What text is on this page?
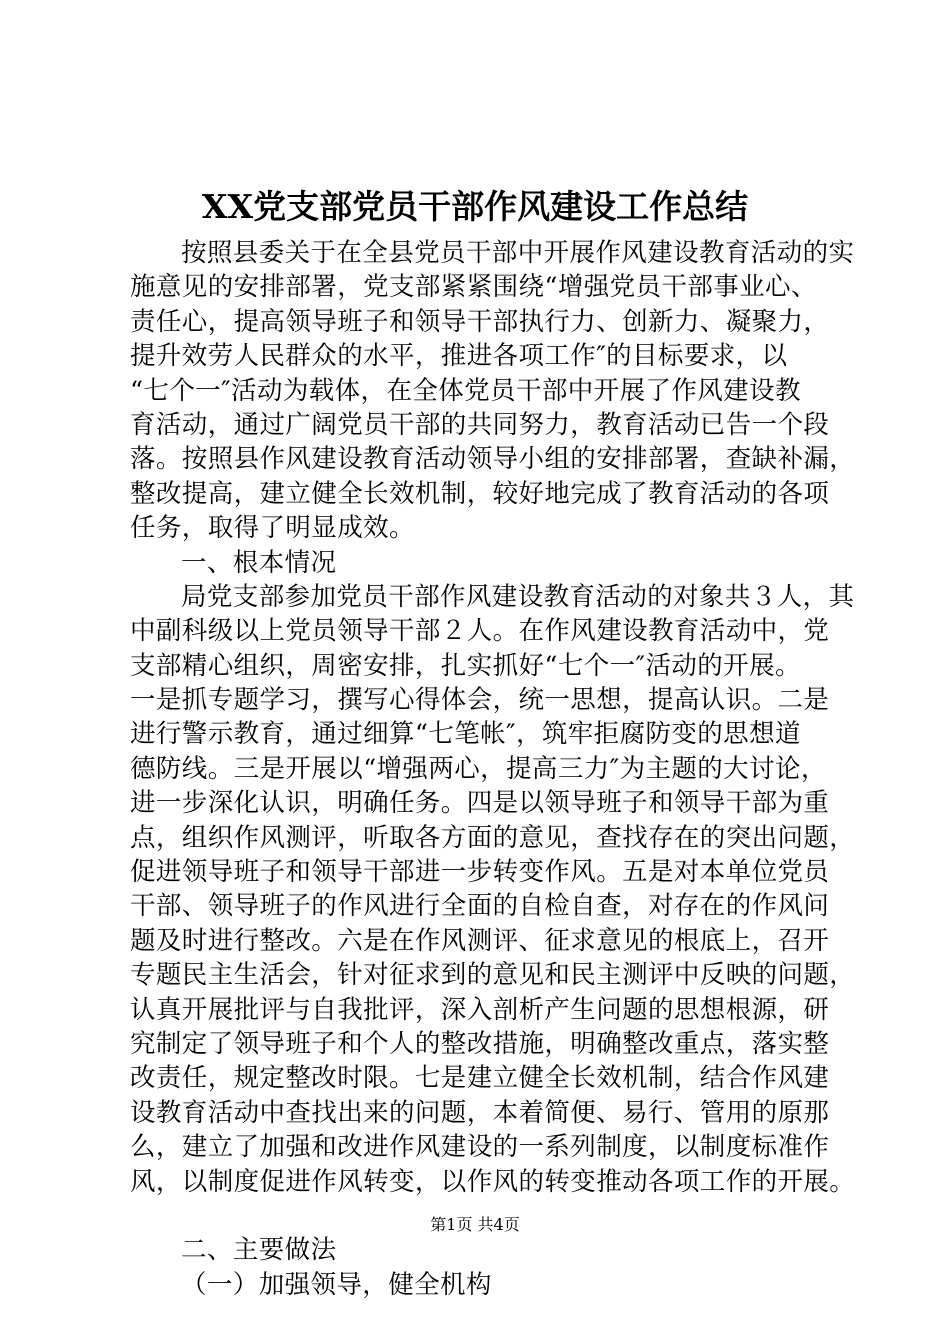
XX党支部党员干部作风建设工作总结
按照县委关于在全县党员干部中开展作风建设教育活动的实
施意见的安排部署，党支部紧紧围绕“增强党员干部事业心、
责任心，提高领导班子和领导干部执行力、创新力、凝聚力，
提升效劳人民群众的水平，推进各项工作″的目标要求，以
“七个一″活动为载体，在全体党员干部中开展了作风建设教
育活动，通过广阔党员干部的共同努力，教育活动已告一个段
落。按照县作风建设教育活动领导小组的安排部署，查缺补漏，
整改提高，建立健全长效机制，较好地完成了教育活动的各项
任务，取得了明显成效。
一、根本情况
局党支部参加党员干部作风建设教育活动的对象共３人，其
中副科级以上党员领导干部２人。在作风建设教育活动中，党
支部精心组织，周密安排，扎实抓好“七个一″活动的开展。
一是抓专题学习，撰写心得体会，统一思想，提高认识。二是
进行警示教育，通过细算“七笔帐″，筑牢拒腐防变的思想道
德防线。三是开展以“增强两心，提高三力″为主题的大讨论，
进一步深化认识，明确任务。四是以领导班子和领导干部为重
点，组织作风测评，听取各方面的意见，查找存在的突出问题，
促进领导班子和领导干部进一步转变作风。五是对本单位党员
干部、领导班子的作风进行全面的自检自查，对存在的作风问
题及时进行整改。六是在作风测评、征求意见的根底上，召开
专题民主生活会，针对征求到的意见和民主测评中反映的问题，
认真开展批评与自我批评，深入剖析产生问题的思想根源，研
究制定了领导班子和个人的整改措施，明确整改重点，落实整
改责任，规定整改时限。七是建立健全长效机制，结合作风建
设教育活动中查找出来的问题，本着简便、易行、管用的原那
么，建立了加强和改进作风建设的一系列制度，以制度标准作
风，以制度促进作风转变，以作风的转变推动各项工作的开展。
二、主要做法
（一）加强领导，健全机构
第1页 共4页
